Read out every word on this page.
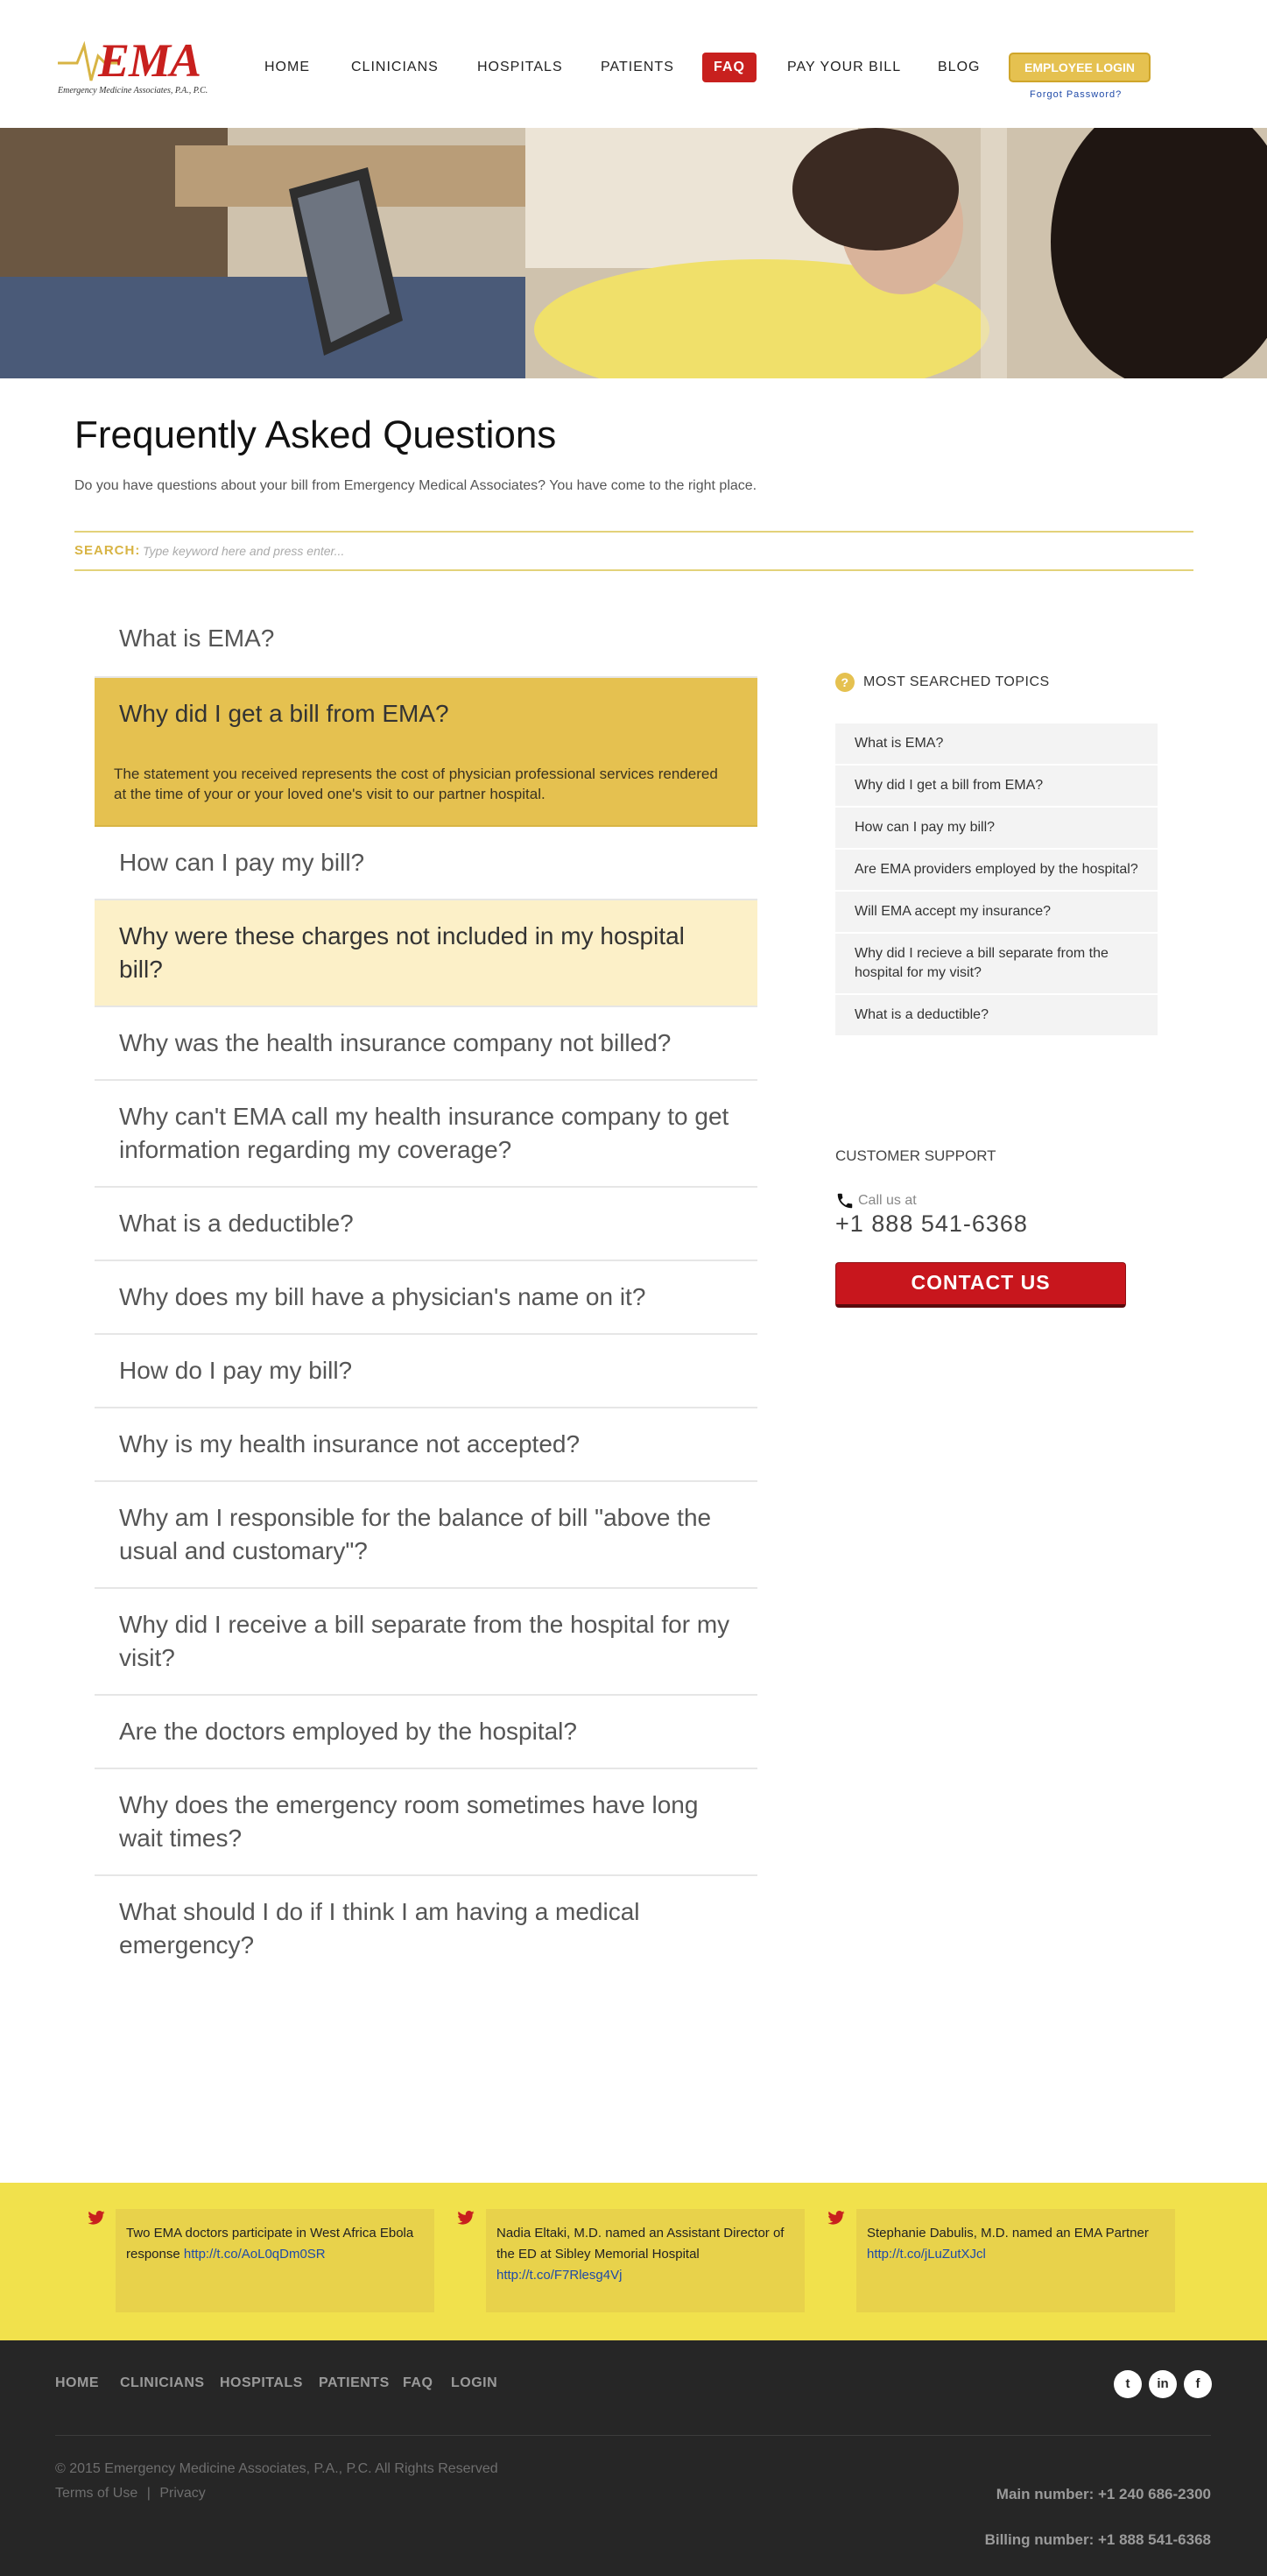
EMA
Emergency Medicine Associates, P.A., P.C.
HOME	CLINICIANS	HOSPITALS	PATIENTS	FAQ	PAY YOUR BILL	BLOG	EMPLOYEE LOGIN
Forgot Password?
Frequently Asked Questions

Do you have questions about your bill from Emergency Medical Associates? You have come to the right place.

SEARCH:
Type keyword here and press enter...
What is EMA?
Why did I get a bill from EMA?
The statement you received represents the cost of physician professional services rendered at the time of your or your loved one's visit to our partner hospital.
How can I pay my bill?
Why were these charges not included in my hospital bill?
Why was the health insurance company not billed?
Why can't EMA call my health insurance company to get information regarding my coverage?
What is a deductible?
Why does my bill have a physician's name on it?
How do I pay my bill?
Why is my health insurance not accepted?
Why am I responsible for the balance of bill "above the usual and customary"?
Why did I receive a bill separate from the hospital for my visit?
Are the doctors employed by the hospital?
Why does the emergency room sometimes have long wait times?
What should I do if I think I am having a medical emergency?
? MOST SEARCHED TOPICS
What is EMA?
Why did I get a bill from EMA?
How can I pay my bill?
Are EMA providers employed by the hospital?
Will EMA accept my insurance?
Why did I recieve a bill separate from the hospital for my visit?
What is a deductible?
CUSTOMER SUPPORT
Call us at
+1 888 541-6368
CONTACT US
Two EMA doctors participate in West Africa Ebola response http://t.co/AoL0qDm0SR
Nadia Eltaki, M.D. named an Assistant Director of the ED at Sibley Memorial Hospital http://t.co/F7Rlesg4Vj
Stephanie Dabulis, M.D. named an EMA Partner http://t.co/jLuZutXJcl
HOME CLINICIANS HOSPITALS PATIENTS FAQ LOGIN	t	in	f
© 2015 Emergency Medicine Associates, P.A., P.C. All Rights Reserved
Terms of Use | Privacy	Main number: +1 240 686-2300
Billing number: +1 888 541-6368
